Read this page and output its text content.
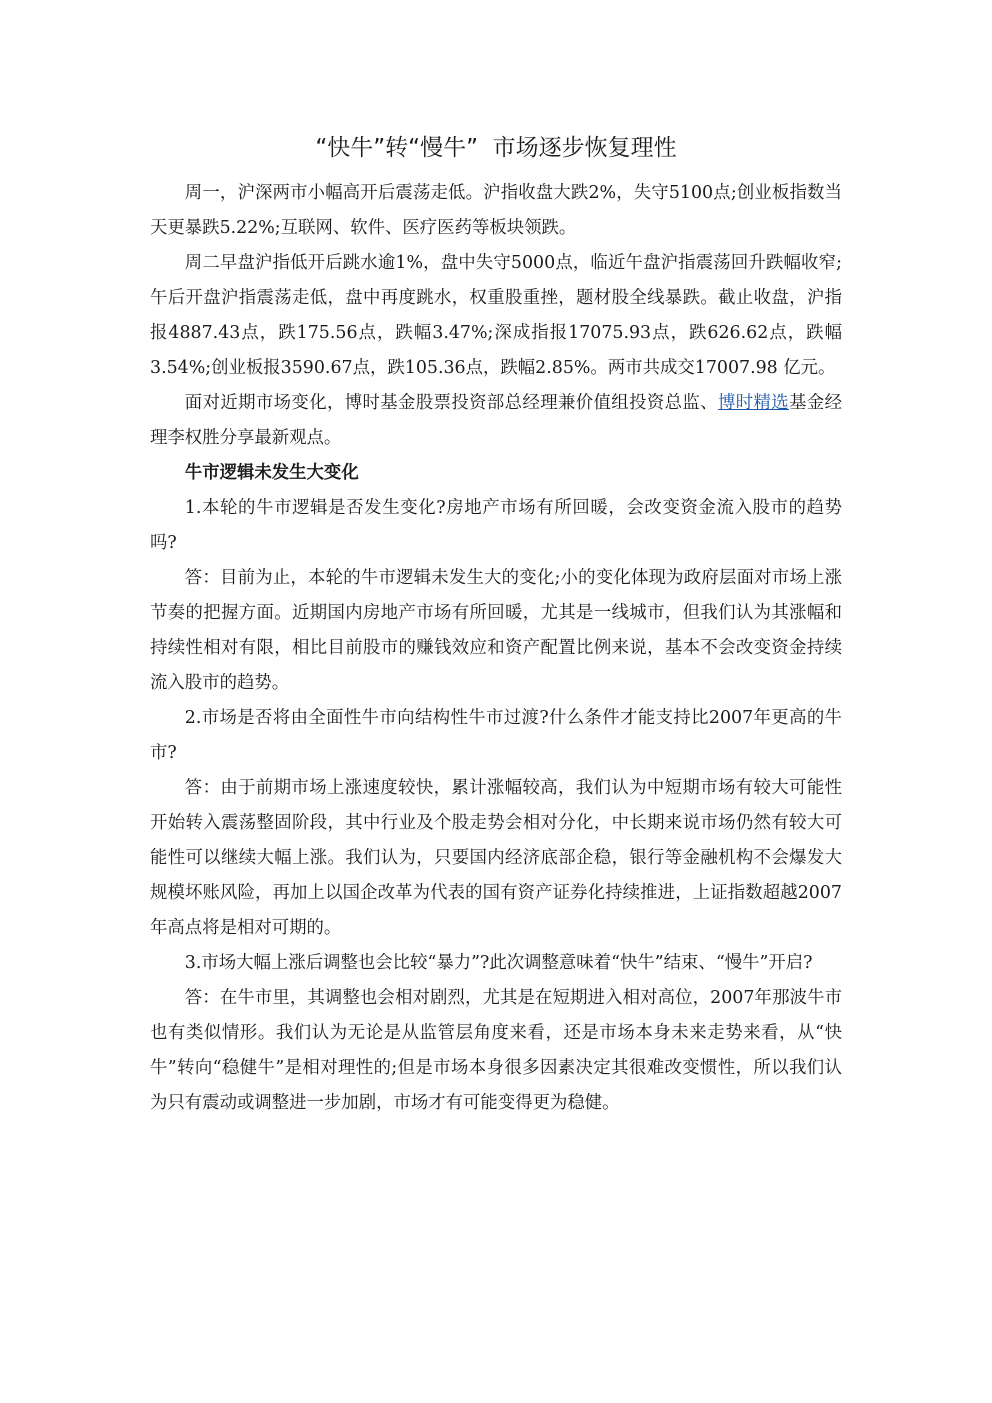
“快牛”转“慢牛”  市场逐步恢复理性

周一，沪深两市小幅高开后震荡走低。沪指收盘大跌2%，失守5100点;创业板指数当天更暴跌5.22%;互联网、软件、医疗医药等板块领跌。

周二早盘沪指低开后跳水逾1%，盘中失守5000点，临近午盘沪指震荡回升跌幅收窄;午后开盘沪指震荡走低，盘中再度跳水，权重股重挫，题材股全线暴跌。截止收盘，沪指报4887.43点，跌175.56点，跌幅3.47%;深成指报17075.93点，跌626.62点，跌幅3.54%;创业板报3590.67点，跌105.36点，跌幅2.85%。两市共成交17007.98 亿元。

面对近期市场变化，博时基金股票投资部总经理兼价值组投资总监、博时精选基金经理李权胜分享最新观点。

牛市逻辑未发生大变化

1.本轮的牛市逻辑是否发生变化?房地产市场有所回暖，会改变资金流入股市的趋势吗?

答：目前为止，本轮的牛市逻辑未发生大的变化;小的变化体现为政府层面对市场上涨节奏的把握方面。近期国内房地产市场有所回暖，尤其是一线城市，但我们认为其涨幅和持续性相对有限，相比目前股市的赚钱效应和资产配置比例来说，基本不会改变资金持续流入股市的趋势。

2.市场是否将由全面性牛市向结构性牛市过渡?什么条件才能支持比2007年更高的牛市?

答：由于前期市场上涨速度较快，累计涨幅较高，我们认为中短期市场有较大可能性开始转入震荡整固阶段，其中行业及个股走势会相对分化，中长期来说市场仍然有较大可能性可以继续大幅上涨。我们认为，只要国内经济底部企稳，银行等金融机构不会爆发大规模坏账风险，再加上以国企改革为代表的国有资产证券化持续推进，上证指数超越2007年高点将是相对可期的。

3.市场大幅上涨后调整也会比较“暴力”?此次调整意味着“快牛”结束、“慢牛”开启?

答：在牛市里，其调整也会相对剧烈，尤其是在短期进入相对高位，2007年那波牛市也有类似情形。我们认为无论是从监管层角度来看，还是市场本身未来走势来看，从“快牛”转向“稳健牛”是相对理性的;但是市场本身很多因素决定其很难改变惯性，所以我们认为只有震动或调整进一步加剧，市场才有可能变得更为稳健。
